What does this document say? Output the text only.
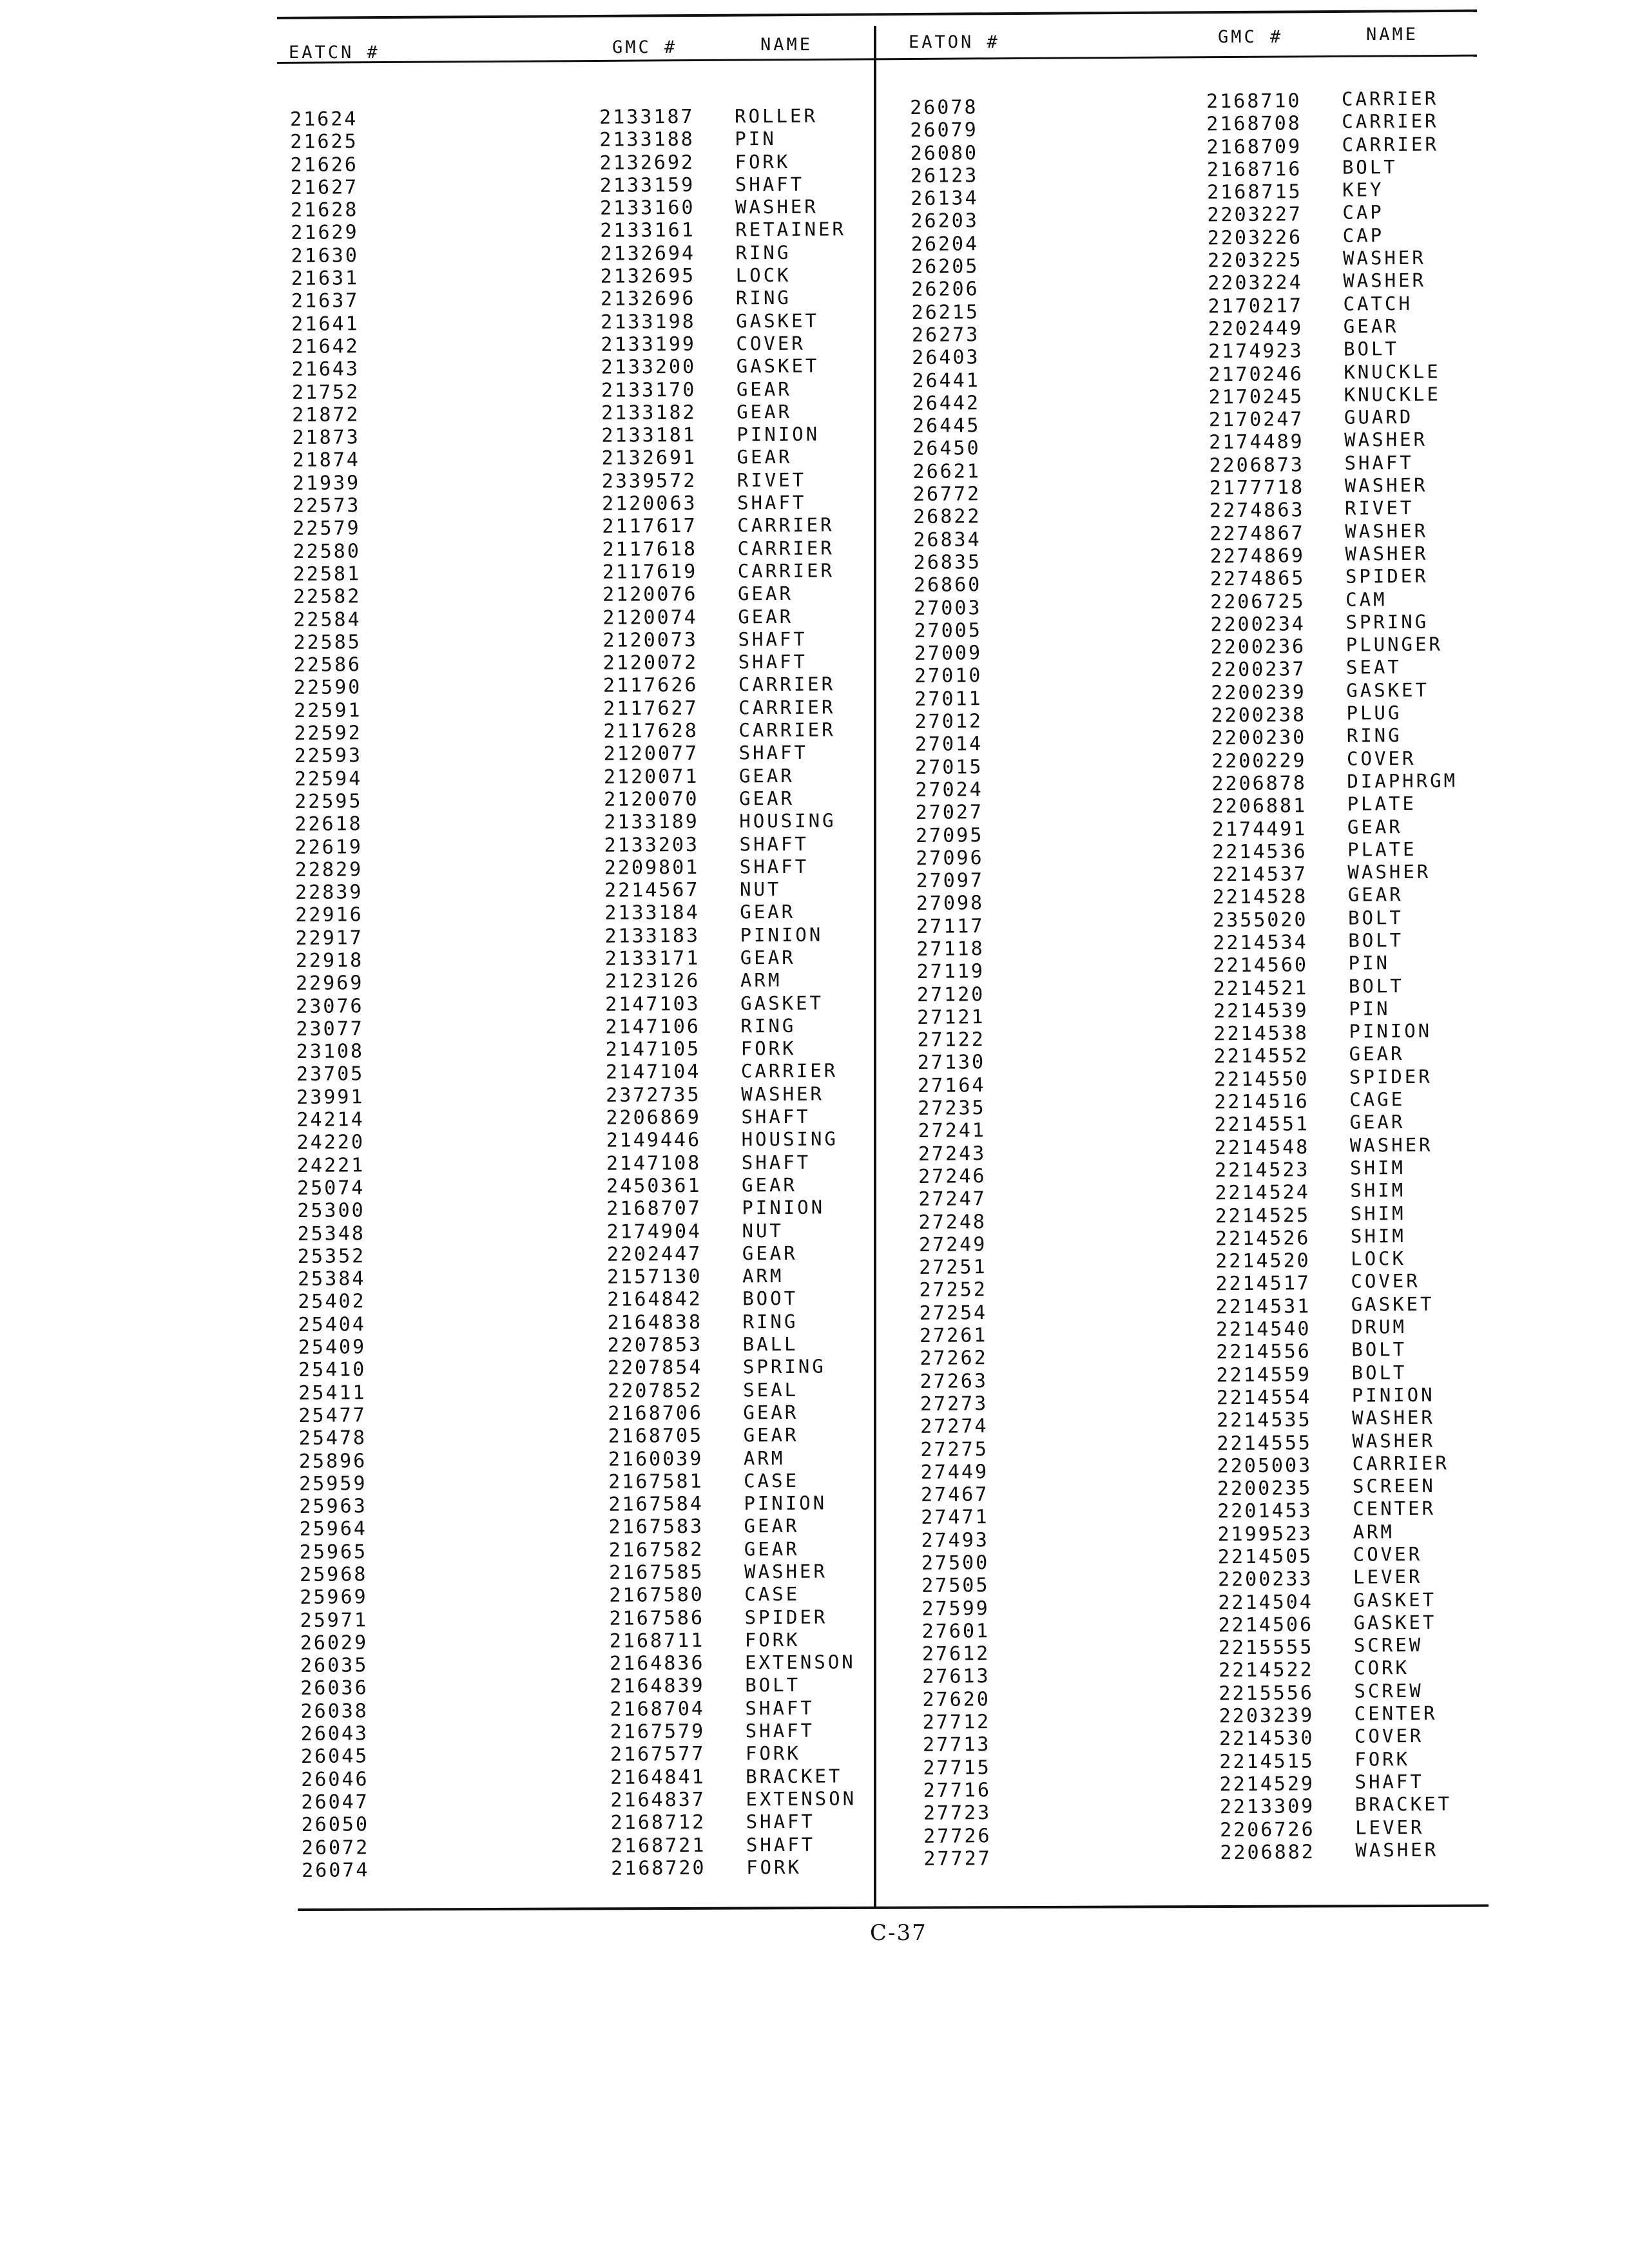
EATCN #	GMC #	NAME	EATON #	GMC #	NAME
21624	2133187 ROLLER
21625	2133188 PIN
21626	2132692 FORK
21627	2133159 SHAFT
21628	2133160 WASHER
21629	2133161 RETAINER
21630	2132694 RING
21631	2132695 LOCK
21637	2132696 RING
21641	2133198 GASKET
21642	2133199 COVER
21643	2133200 GASKET
21752	2133170 GEAR
21872	2133182 GEAR
21873	2133181 PINION
21874	2132691 GEAR
21939	2339572 RIVET
22573	2120063 SHAFT
22579	2117617 CARRIER
22580	2117618 CARRIER
22581	2117619 CARRIER
22582	2120076 GEAR
22584	2120074 GEAR
22585	2120073 SHAFT
22586	2120072 SHAFT
22590	2117626 CARRIER
22591	2117627 CARRIER
22592	2117628 CARRIER
22593	2120077 SHAFT
22594	2120071 GEAR
22595	2120070 GEAR
22618	2133189 HOUSING
22619	2133203 SHAFT
22829	2209801 SHAFT
22839	2214567 NUT
22916	2133184 GEAR
22917	2133183 PINION
22918	2133171 GEAR
22969	2123126 ARM
23076	2147103 GASKET
23077	2147106 RING
23108	2147105 FORK
23705	2147104 CARRIER
23991	2372735 WASHER
24214	2206869 SHAFT
24220	2149446 HOUSING
24221	2147108 SHAFT
25074	2450361 GEAR
25300	2168707 PINION
25348	2174904 NUT
25352	2202447 GEAR
25384	2157130 ARM
25402	2164842 BOOT
25404	2164838 RING
25409	2207853 BALL
25410	2207854 SPRING
25411	2207852 SEAL
25477	2168706 GEAR
25478	2168705 GEAR
25896	2160039 ARM
25959	2167581 CASE
25963	2167584 PINION
25964	2167583 GEAR
25965	2167582 GEAR
25968	2167585 WASHER
25969	2167580 CASE
25971	2167586 SPIDER
26029	2168711 FORK
26035	2164836 EXTENSON
26036	2164839 BOLT
26038	2168704 SHAFT
26043	2167579 SHAFT
26045	2167577 FORK
26046	2164841 BRACKET
26047	2164837 EXTENSON
26050	2168712 SHAFT
26072	2168721 SHAFT
26074	2168720 FORK
26078	2168710 CARRIER
26079	2168708 CARRIER
26080	2168709 CARRIER
26123	2168716 BOLT
26134	2168715 KEY
26203	2203227 CAP
26204	2203226 CAP
26205	2203225 WASHER
26206	2203224 WASHER
26215	2170217 CATCH
26273	2202449 GEAR
26403	2174923 BOLT
26441	2170246 KNUCKLE
26442	2170245 KNUCKLE
26445	2170247 GUARD
26450	2174489 WASHER
26621	2206873 SHAFT
26772	2177718 WASHER
26822	2274863 RIVET
26834	2274867 WASHER
26835	2274869 WASHER
26860	2274865 SPIDER
27003	2206725 CAM
27005	2200234 SPRING
27009	2200236 PLUNGER
27010	2200237 SEAT
27011	2200239 GASKET
27012	2200238 PLUG
27014	2200230 RING
27015	2200229 COVER
27024	2206878 DIAPHRGM
27027	2206881 PLATE
27095	2174491 GEAR
27096	2214536 PLATE
27097	2214537 WASHER
27098	2214528 GEAR
27117	2355020 BOLT
27118	2214534 BOLT
27119	2214560 PIN
27120	2214521 BOLT
27121	2214539 PIN
27122	2214538 PINION
27130	2214552 GEAR
27164	2214550 SPIDER
27235	2214516 CAGE
27241	2214551 GEAR
27243	2214548 WASHER
27246	2214523 SHIM
27247	2214524 SHIM
27248	2214525 SHIM
27249	2214526 SHIM
27251	2214520 LOCK
27252	2214517 COVER
27254	2214531 GASKET
27261	2214540 DRUM
27262	2214556 BOLT
27263	2214559 BOLT
27273	2214554 PINION
27274	2214535 WASHER
27275	2214555 WASHER
27449	2205003 CARRIER
27467	2200235 SCREEN
27471	2201453 CENTER
27493	2199523 ARM
27500	2214505 COVER
27505	2200233 LEVER
27599	2214504 GASKET
27601	2214506 GASKET
27612	2215555 SCREW
27613	2214522 CORK
27620	2215556 SCREW
27712	2203239 CENTER
27713	2214530 COVER
27715	2214515 FORK
27716	2214529 SHAFT
27723	2213309 BRACKET
27726	2206726 LEVER
27727	2206882 WASHER
C-37
